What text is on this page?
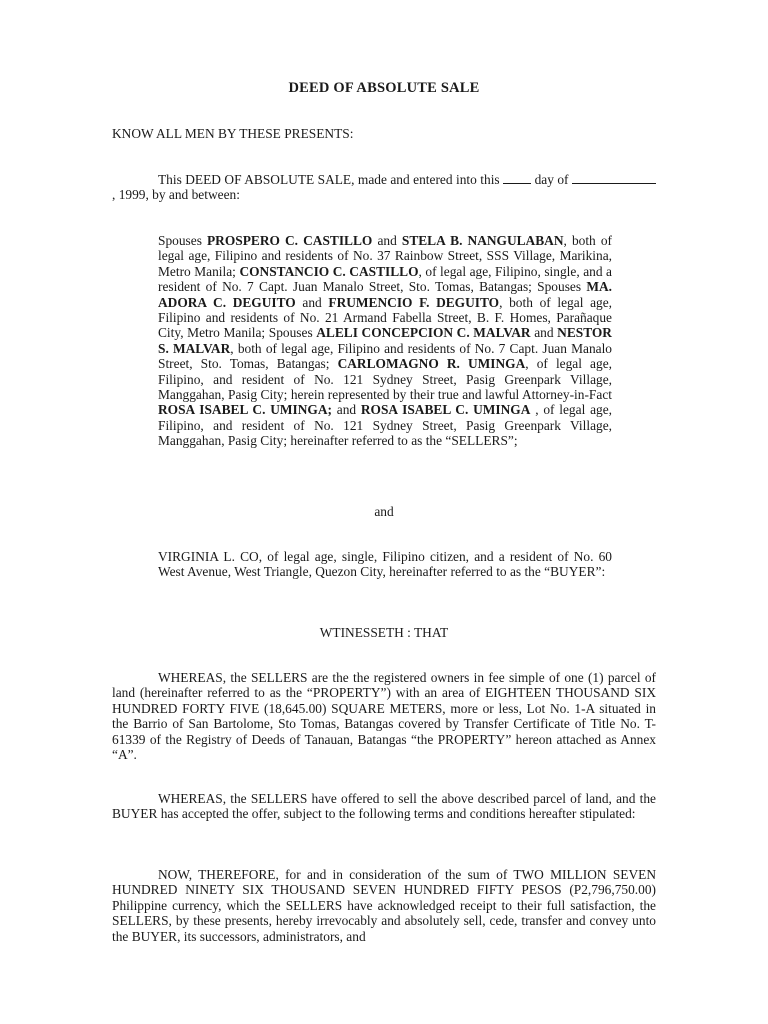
DEED OF ABSOLUTE SALE
KNOW ALL MEN BY THESE PRESENTS:
This DEED OF ABSOLUTE SALE, made and entered into this	day of , 1999, by and between:
Spouses PROSPERO C. CASTILLO and STELA B. NANGULABAN, both of legal age, Filipino and residents of No. 37 Rainbow Street, SSS Village, Marikina, Metro Manila; CONSTANCIO C. CASTILLO, of legal age, Filipino, single, and a resident of No. 7 Capt. Juan Manalo Street, Sto. Tomas, Batangas; Spouses MA. ADORA C. DEGUITO and FRUMENCIO F. DEGUITO, both of legal age, Filipino and residents of No. 21 Armand Fabella Street, B. F. Homes, Parañaque City, Metro Manila; Spouses ALELI CONCEPCION C. MALVAR and NESTOR S. MALVAR, both of legal age, Filipino and residents of No. 7 Capt. Juan Manalo Street, Sto. Tomas, Batangas; CARLOMAGNO R. UMINGA, of legal age, Filipino, and resident of No. 121 Sydney Street, Pasig Greenpark Village, Manggahan, Pasig City; herein represented by their true and lawful Attorney-in-Fact ROSA ISABEL C. UMINGA; and ROSA ISABEL C. UMINGA , of legal age, Filipino, and resident of No. 121 Sydney Street, Pasig Greenpark Village, Manggahan, Pasig City; hereinafter referred to as the “SELLERS”;
and
VIRGINIA L. CO, of legal age, single, Filipino citizen, and a resident of No. 60 West Avenue, West Triangle, Quezon City, hereinafter referred to as the “BUYER”:
WTINESSETH : THAT
WHEREAS, the SELLERS are the the registered owners in fee simple of one (1) parcel of land (hereinafter referred to as the “PROPERTY”) with an area of EIGHTEEN THOUSAND SIX HUNDRED FORTY FIVE (18,645.00) SQUARE METERS, more or less, Lot No. 1-A situated in the Barrio of San Bartolome, Sto Tomas, Batangas covered by Transfer Certificate of Title No. T-61339 of the Registry of Deeds of Tanauan, Batangas “the PROPERTY” hereon attached as Annex “A”.
WHEREAS, the SELLERS have offered to sell the above described parcel of land, and the BUYER has accepted the offer, subject to the following terms and conditions hereafter stipulated:
NOW, THEREFORE, for and in consideration of the sum of TWO MILLION SEVEN HUNDRED NINETY SIX THOUSAND SEVEN HUNDRED FIFTY PESOS (P2,796,750.00) Philippine currency, which the SELLERS have acknowledged receipt to their full satisfaction, the SELLERS, by these presents, hereby irrevocably and absolutely sell, cede, transfer and convey unto the BUYER, its successors, administrators, and
